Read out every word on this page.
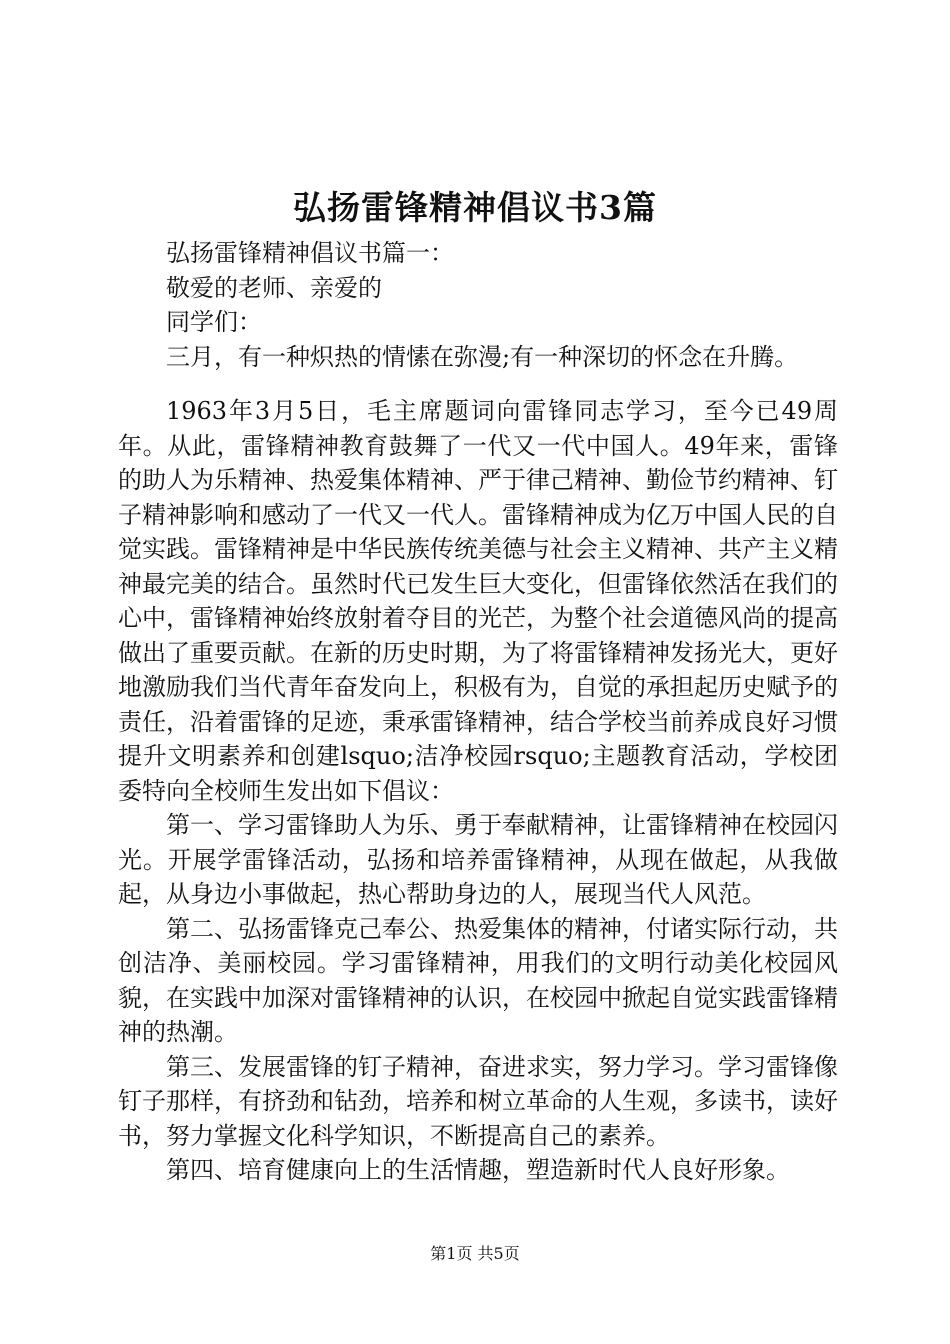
弘扬雷锋精神倡议书3篇

弘扬雷锋精神倡议书篇一：

敬爱的老师、亲爱的

同学们：

三月，有一种炽热的情愫在弥漫;有一种深切的怀念在升腾。

1963年3月5日，毛主席题词向雷锋同志学习，至今已49周年。从此，雷锋精神教育鼓舞了一代又一代中国人。49年来，雷锋的助人为乐精神、热爱集体精神、严于律己精神、勤俭节约精神、钉子精神影响和感动了一代又一代人。雷锋精神成为亿万中国人民的自觉实践。雷锋精神是中华民族传统美德与社会主义精神、共产主义精神最完美的结合。虽然时代已发生巨大变化，但雷锋依然活在我们的心中，雷锋精神始终放射着夺目的光芒，为整个社会道德风尚的提高做出了重要贡献。在新的历史时期，为了将雷锋精神发扬光大，更好地激励我们当代青年奋发向上，积极有为，自觉的承担起历史赋予的责任，沿着雷锋的足迹，秉承雷锋精神，结合学校当前养成良好习惯提升文明素养和创建lsquo;洁净校园rsquo;主题教育活动，学校团委特向全校师生发出如下倡议：

第一、学习雷锋助人为乐、勇于奉献精神，让雷锋精神在校园闪光。开展学雷锋活动，弘扬和培养雷锋精神，从现在做起，从我做起，从身边小事做起，热心帮助身边的人，展现当代人风范。

第二、弘扬雷锋克己奉公、热爱集体的精神，付诸实际行动，共创洁净、美丽校园。学习雷锋精神，用我们的文明行动美化校园风貌，在实践中加深对雷锋精神的认识，在校园中掀起自觉实践雷锋精神的热潮。

第三、发展雷锋的钉子精神，奋进求实，努力学习。学习雷锋像钉子那样，有挤劲和钻劲，培养和树立革命的人生观，多读书，读好书，努力掌握文化科学知识，不断提高自己的素养。

第四、培育健康向上的生活情趣，塑造新时代人良好形象。

第1页 共5页
